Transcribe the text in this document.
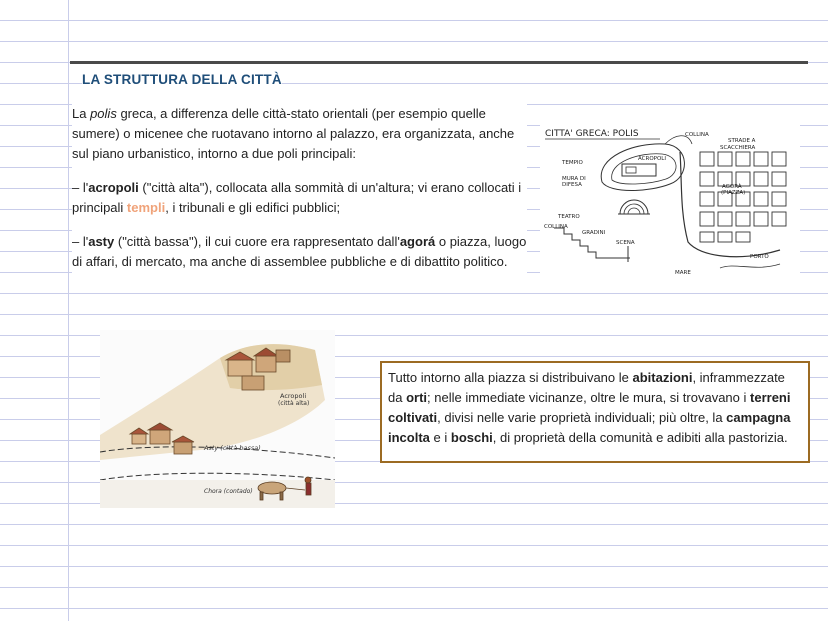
LA STRUTTURA DELLA CITTÀ

La polis greca, a differenza delle città-stato orientali (per esempio quelle sumere) o micenee che ruotavano intorno al palazzo, era organizzata, anche sul piano urbanistico, intorno a due poli principali:

– l'acropoli ("città alta"), collocata alla sommità di un'altura; vi erano collocati i principali templi, i tribunali e gli edifici pubblici;

– l'asty ("città bassa"), il cui cuore era rappresentato dall'agorá o piazza, luogo di affari, di mercato, ma anche di assemblee pubbliche e di dibattito politico.

CITTA' GRECA: POLIS	COLLINA
STRADE A
SCACCHIERA
ACROPOLI
TEMPIO
MURA DI
DIFESA	AGORÀ
(PIAZZA)
TEATRO
COLLINA
GRADINI
SCENA
PORTO
MARE
Acropoli
(città alta)
Asty (città bassa)
Chora (contado)
Tutto intorno alla piazza si distribuivano le abitazioni, inframmezzate da orti; nelle immediate vicinanze, oltre le mura, si trovavano i terreni coltivati, divisi nelle varie proprietà individuali; più oltre, la campagna incolta e i boschi, di proprietà della comunità e adibiti alla pastorizia.
